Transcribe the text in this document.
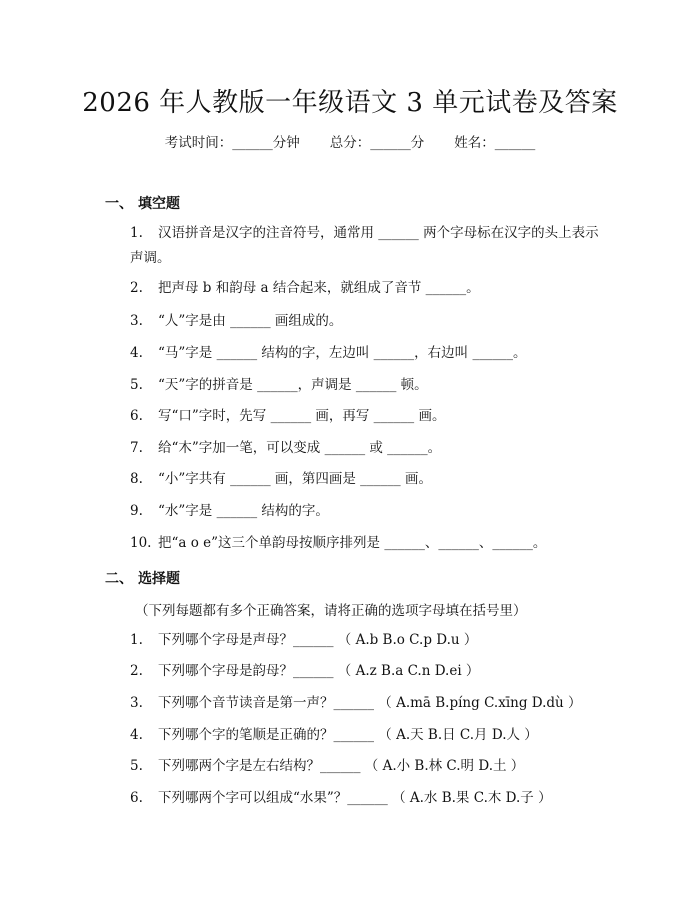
2026 年人教版一年级语文 3 单元试卷及答案
考试时间：______分钟 总分：______分 姓名：______
一、 填空题
1. 汉语拼音是汉字的注音符号，通常用 ______ 两个字母标在汉字的头上表示声调。
2. 把声母 b 和韵母 a 结合起来，就组成了音节 ______。
3. “人”字是由 ______ 画组成的。
4. “马”字是 ______ 结构的字，左边叫 ______，右边叫 ______。
5. “天”字的拼音是 ______，声调是 ______ 顿。
6. 写“口”字时，先写 ______ 画，再写 ______ 画。
7. 给“木”字加一笔，可以变成 ______ 或 ______。
8. “小”字共有 ______ 画，第四画是 ______ 画。
9. “水”字是 ______ 结构的字。
10. 把“a o e”这三个单韵母按顺序排列是 ______、______、______。
二、 选择题
（下列每题都有多个正确答案，请将正确的选项字母填在括号里）
1. 下列哪个字母是声母？______ （ A.b B.o C.p D.u ）
2. 下列哪个字母是韵母？______ （ A.z B.a C.n D.ei ）
3. 下列哪个音节读音是第一声？______ （ A.mā B.píng C.xīng D.dù ）
4. 下列哪个字的笔顺是正确的？______ （ A.天 B.日 C.月 D.人 ）
5. 下列哪两个字是左右结构？______ （ A.小 B.林 C.明 D.土 ）
6. 下列哪两个字可以组成“水果”？______ （ A.水 B.果 C.木 D.子 ）
